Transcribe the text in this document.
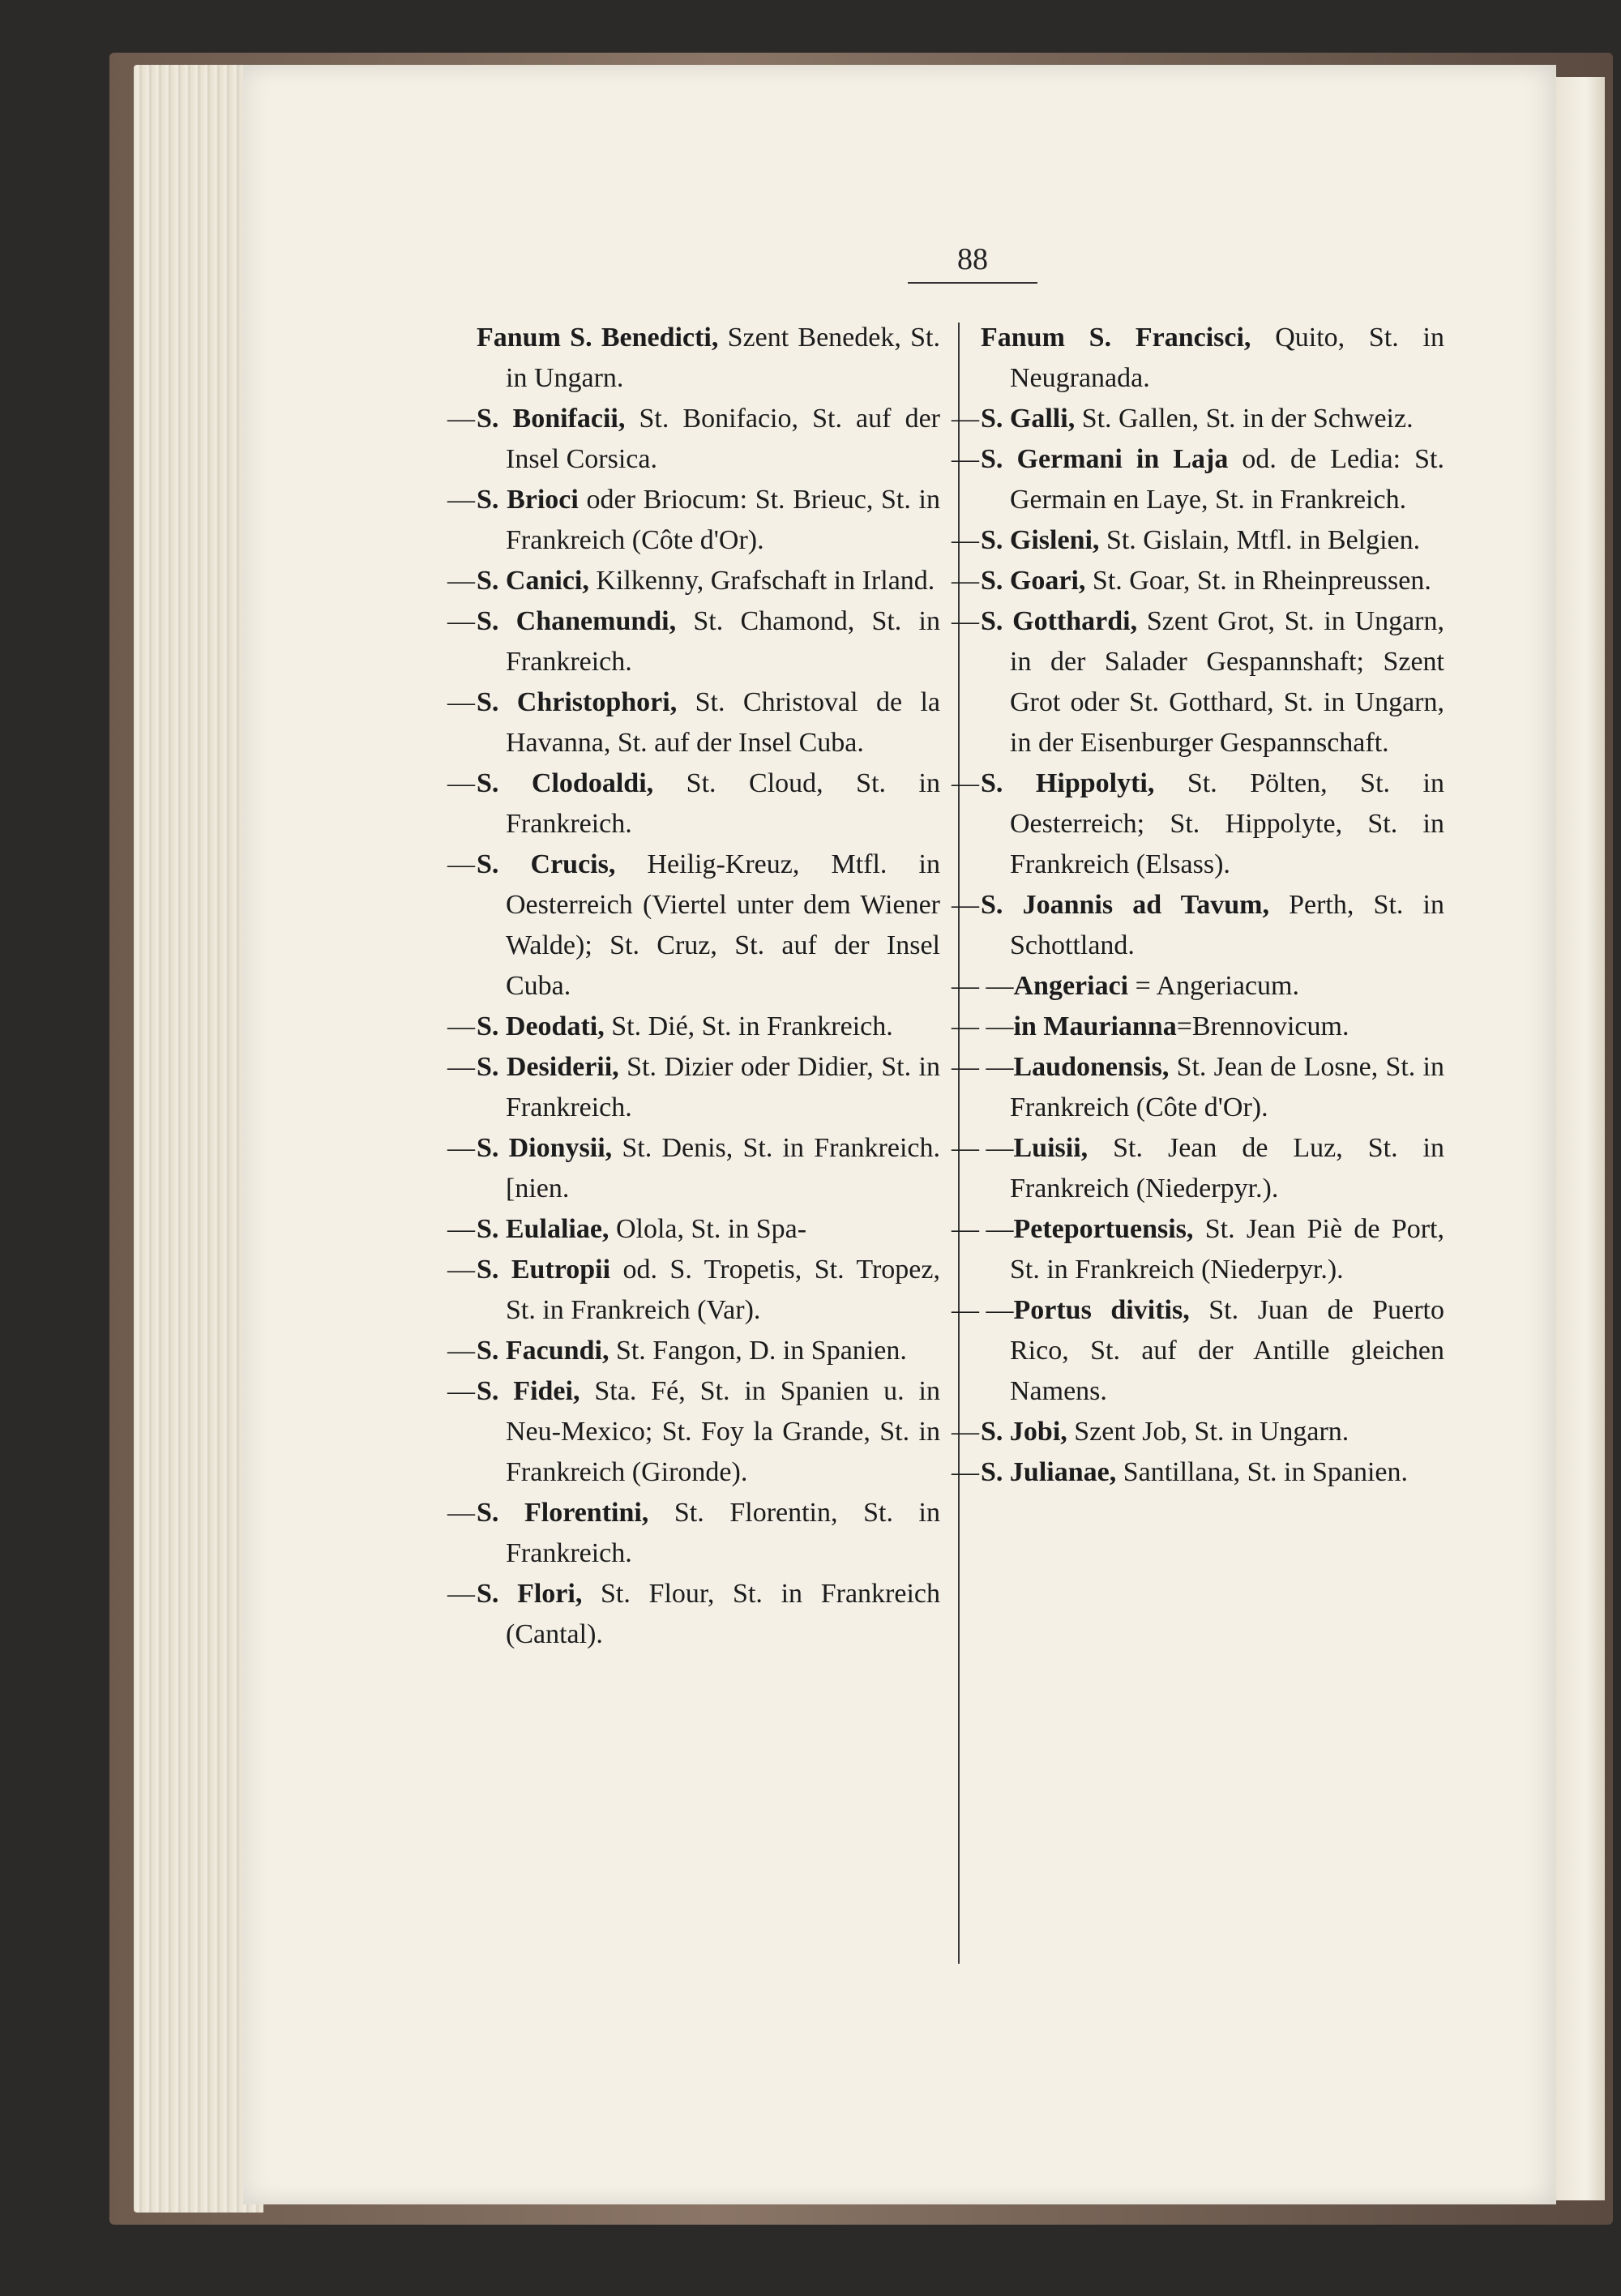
88

Fanum S. Benedicti, Szent Benedek, St. in Ungarn.

S. Bonifacii, St. Bonifacio, St. auf der Insel Corsica.

S. Brioci oder Briocum: St. Brieuc, St. in Frankreich (Côte d'Or).

S. Canici, Kilkenny, Grafschaft in Irland.

S. Chanemundi, St. Chamond, St. in Frankreich.

S. Christophori, St. Christoval de la Havanna, St. auf der Insel Cuba.

S. Clodoaldi, St. Cloud, St. in Frankreich.

S. Crucis, Heilig-Kreuz, Mtfl. in Oesterreich (Viertel unter dem Wiener Walde); St. Cruz, St. auf der Insel Cuba.

S. Deodati, St. Dié, St. in Frankreich.

S. Desiderii, St. Dizier oder Didier, St. in Frankreich.

S. Dionysii, St. Denis, St. in Frankreich. [nien.

S. Eulaliae, Olola, St. in Spa-

S. Eutropii od. S. Tropetis, St. Tropez, St. in Frankreich (Var).

S. Facundi, St. Fangon, D. in Spanien.

S. Fidei, Sta. Fé, St. in Spanien u. in Neu-Mexico; St. Foy la Grande, St. in Frankreich (Gironde).

S. Florentini, St. Florentin, St. in Frankreich.

S. Flori, St. Flour, St. in Frankreich (Cantal).

Fanum S. Francisci, Quito, St. in Neugranada.

S. Galli, St. Gallen, St. in der Schweiz.

S. Germani in Laja od. de Ledia: St. Germain en Laye, St. in Frankreich.

S. Gisleni, St. Gislain, Mtfl. in Belgien.

S. Goari, St. Goar, St. in Rheinpreussen.

S. Gotthardi, Szent Grot, St. in Ungarn, in der Salader Gespannshaft; Szent Grot oder St. Gotthard, St. in Ungarn, in der Eisenburger Gespannschaft.

S. Hippolyti, St. Pölten, St. in Oesterreich; St. Hippolyte, St. in Frankreich (Elsass).

S. Joannis ad Tavum, Perth, St. in Schottland.

— —Angeriaci = Angeriacum.

— —in Maurianna=Brennovicum.

— —Laudonensis, St. Jean de Losne, St. in Frankreich (Côte d'Or).

— —Luisii, St. Jean de Luz, St. in Frankreich (Niederpyr.).

— —Peteportuensis, St. Jean Piè de Port, St. in Frankreich (Niederpyr.).

— —Portus divitis, St. Juan de Puerto Rico, St. auf der Antille gleichen Namens.

S. Jobi, Szent Job, St. in Ungarn.

S. Julianae, Santillana, St. in Spanien.
